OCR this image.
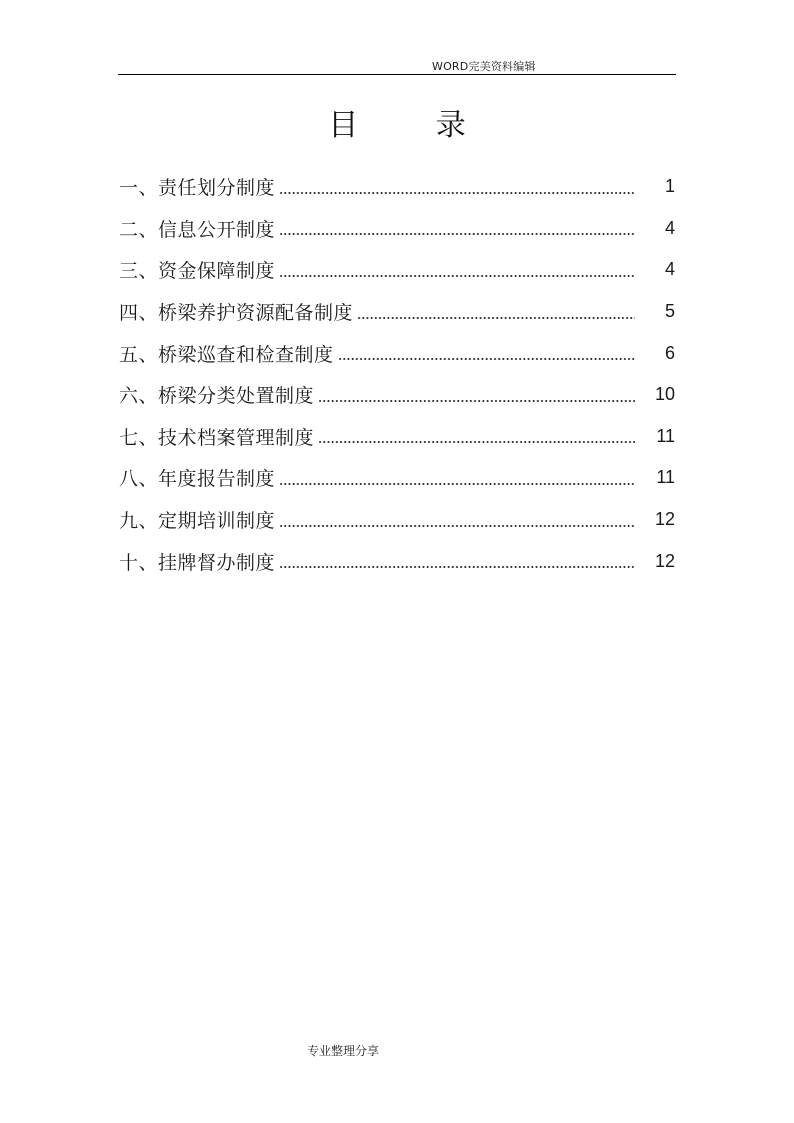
WORD完美资料编辑
目 录
一、责任划分制度	1
二、信息公开制度	4
三、资金保障制度	4
四、桥梁养护资源配备制度	5
五、桥梁巡查和检查制度	6
六、桥梁分类处置制度	10
七、技术档案管理制度	11
八、年度报告制度	11
九、定期培训制度	12
十、挂牌督办制度	12
专业整理分享
